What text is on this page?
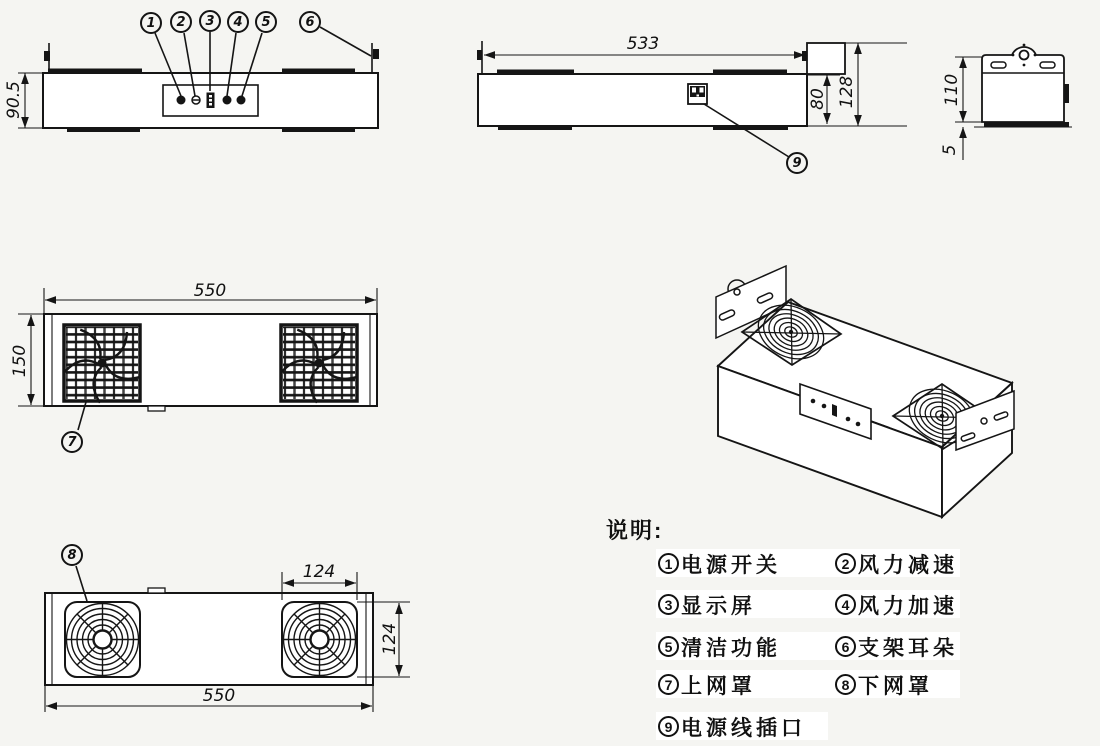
90.5
533
80 128	110
5
550
150
124
124
550
1	2	3	4	5	6
7
8
9
说明:
1 电源开关	2 风力减速
3 显示屏	4 风力加速
5 清洁功能	6 支架耳朵
7 上网罩	8 下网罩
9 电源线插口
